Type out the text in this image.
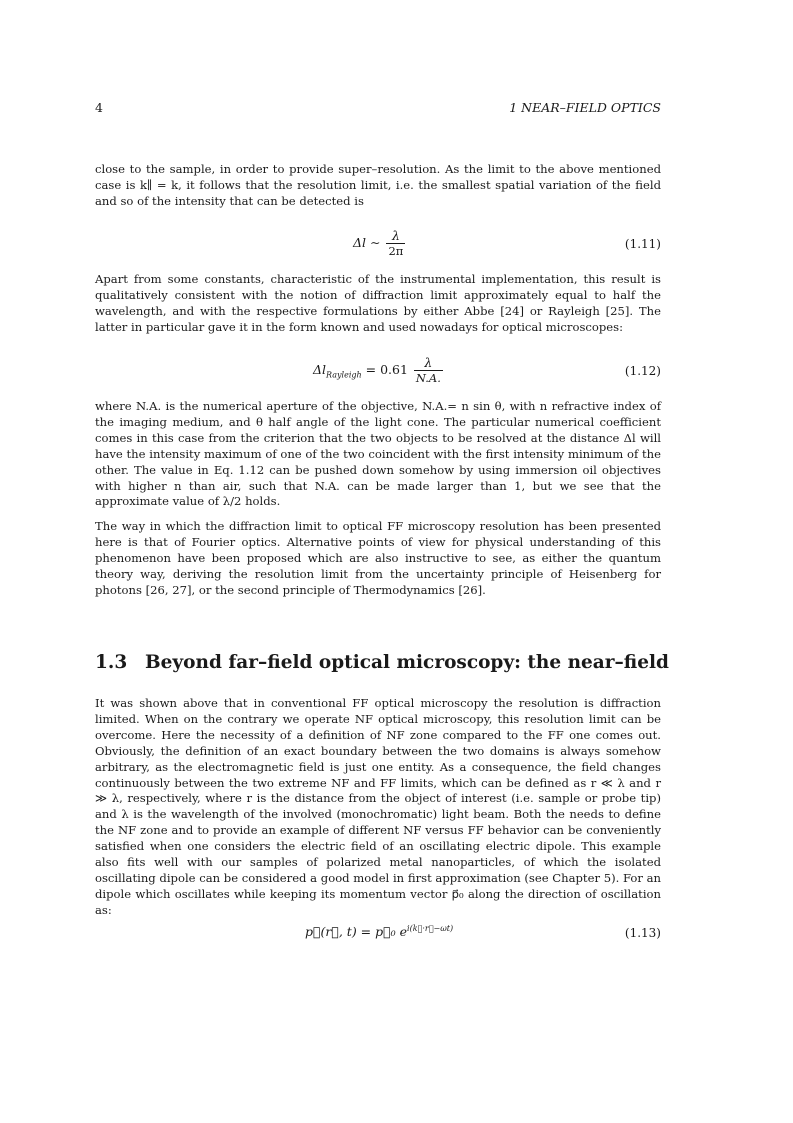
4	1 NEAR–FIELD OPTICS

close to the sample, in order to provide super–resolution. As the limit to the above mentioned case is k∥ = k, it follows that the resolution limit, i.e. the smallest spatial variation of the field and so of the intensity that can be detected is

Δl ∼ $\frac{\lambda}{2\pi}$	(1.11)

Apart from some constants, characteristic of the instrumental implementation, this result is qualitatively consistent with the notion of diffraction limit approximately equal to half the wavelength, and with the respective formulations by either Abbe [24] or Rayleigh [25]. The latter in particular gave it in the form known and used nowadays for optical microscopes:

$\Delta l_{Rayleigh} = 0.61 \frac{\lambda}{N.A.}$	(1.12)

where N.A. is the numerical aperture of the objective, N.A.= n sin θ, with n refractive index of the imaging medium, and θ half angle of the light cone. The particular numerical coefficient comes in this case from the criterion that the two objects to be resolved at the distance Δl will have the intensity maximum of one of the two coincident with the first intensity minimum of the other. The value in Eq. 1.12 can be pushed down somehow by using immersion oil objectives with higher n than air, such that N.A. can be made larger than 1, but we see that the approximate value of λ/2 holds.

The way in which the diffraction limit to optical FF microscopy resolution has been presented here is that of Fourier optics. Alternative points of view for physical understanding of this phenomenon have been proposed which are also instructive to see, as either the quantum theory way, deriving the resolution limit from the uncertainty principle of Heisenberg for photons [26, 27], or the second principle of Thermodynamics [26].

1.3 Beyond far–field optical microscopy: the near–field

It was shown above that in conventional FF optical microscopy the resolution is diffraction limited. When on the contrary we operate NF optical microscopy, this resolution limit can be overcome. Here the necessity of a definition of NF zone compared to the FF one comes out. Obviously, the definition of an exact boundary between the two domains is always somehow arbitrary, as the electromagnetic field is just one entity. As a consequence, the field changes continuously between the two extreme NF and FF limits, which can be defined as r ≪ λ and r ≫ λ, respectively, where r is the distance from the object of interest (i.e. sample or probe tip) and λ is the wavelength of the involved (monochromatic) light beam. Both the needs to define the NF zone and to provide an example of different NF versus FF behavior can be conveniently satisfied when one considers the electric field of an oscillating electric dipole. This example also fits well with our samples of polarized metal nanoparticles, of which the isolated oscillating dipole can be considered a good model in first approximation (see Chapter 5). For an dipole which oscillates while keeping its momentum vector p⃗₀ along the direction of oscillation as:

p⃗(r⃗, t) = p⃗₀ $e^{i(k⃗\cdot r⃗-\omega t)}$	(1.13)
